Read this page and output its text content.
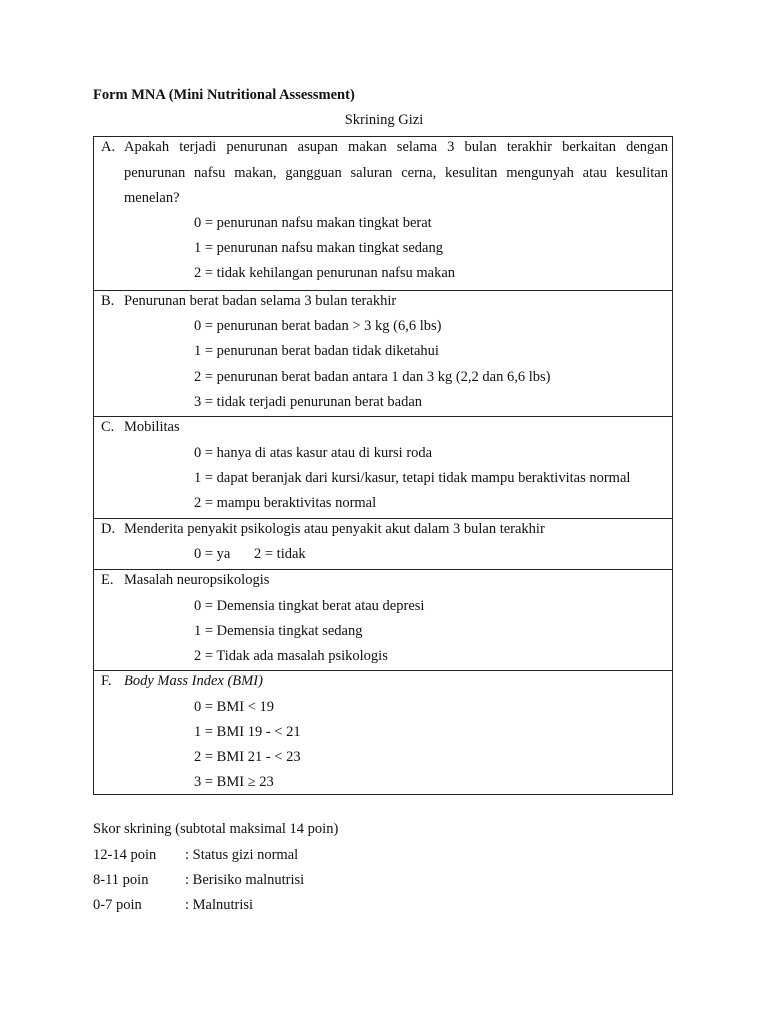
Form MNA (Mini Nutritional Assessment)
Skrining Gizi
A. Apakah terjadi penurunan asupan makan selama 3 bulan terakhir berkaitan dengan
penurunan nafsu makan, gangguan saluran cerna, kesulitan mengunyah atau kesulitan
menelan?
0 = penurunan nafsu makan tingkat berat
1 = penurunan nafsu makan tingkat sedang
2 = tidak kehilangan penurunan nafsu makan
B. Penurunan berat badan selama 3 bulan terakhir
0 = penurunan berat badan > 3 kg (6,6 lbs)
1 = penurunan berat badan tidak diketahui
2 = penurunan berat badan antara 1 dan 3 kg (2,2 dan 6,6 lbs)
3 = tidak terjadi penurunan berat badan
C. Mobilitas
0 = hanya di atas kasur atau di kursi roda
1 = dapat beranjak dari kursi/kasur, tetapi tidak mampu beraktivitas normal
2 = mampu beraktivitas normal
D. Menderita penyakit psikologis atau penyakit akut dalam 3 bulan terakhir
0 = ya 2 = tidak
E. Masalah neuropsikologis
0 = Demensia tingkat berat atau depresi
1 = Demensia tingkat sedang
2 = Tidak ada masalah psikologis
F. Body Mass Index (BMI)
0 = BMI < 19
1 = BMI 19 - < 21
2 = BMI 21 - < 23
3 = BMI ≥ 23
Skor skrining (subtotal maksimal 14 poin)
12-14 poin : Status gizi normal
8-11 poin	: Berisiko malnutrisi
0-7 poin	: Malnutrisi
